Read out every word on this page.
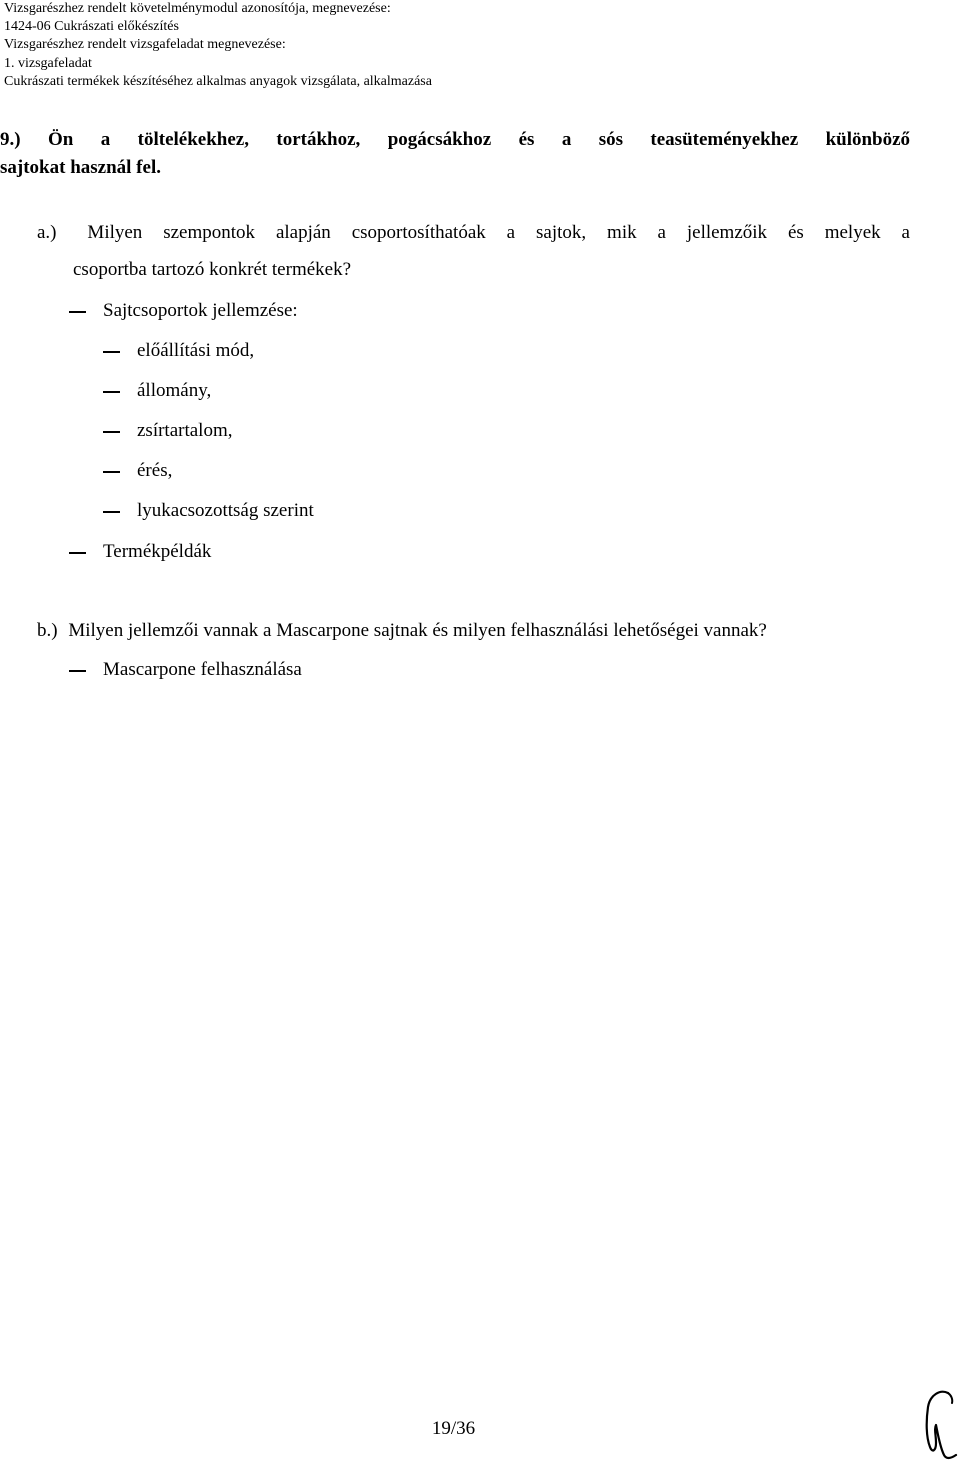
Vizsgarészhez rendelt követelménymodul azonosítója, megnevezése:
1424-06 Cukrászati előkészítés
Vizsgarészhez rendelt vizsgafeladat megnevezése:
1. vizsgafeladat
Cukrászati termékek készítéséhez alkalmas anyagok vizsgálata, alkalmazása
9.) Ön a töltelékekhez, tortákhoz, pogácsákhoz és a sós teasüteményekhez különböző
sajtokat használ fel.
a.) Milyen szempontok alapján csoportosíthatóak a sajtok, mik a jellemzőik és melyek a
csoportba tartozó konkrét termékek?
Sajtcsoportok jellemzése:
előállítási mód,
állomány,
zsírtartalom,
érés,
lyukacsozottság szerint
Termékpéldák
b.) Milyen jellemzői vannak a Mascarpone sajtnak és milyen felhasználási lehetőségei vannak?
Mascarpone felhasználása
19/36
